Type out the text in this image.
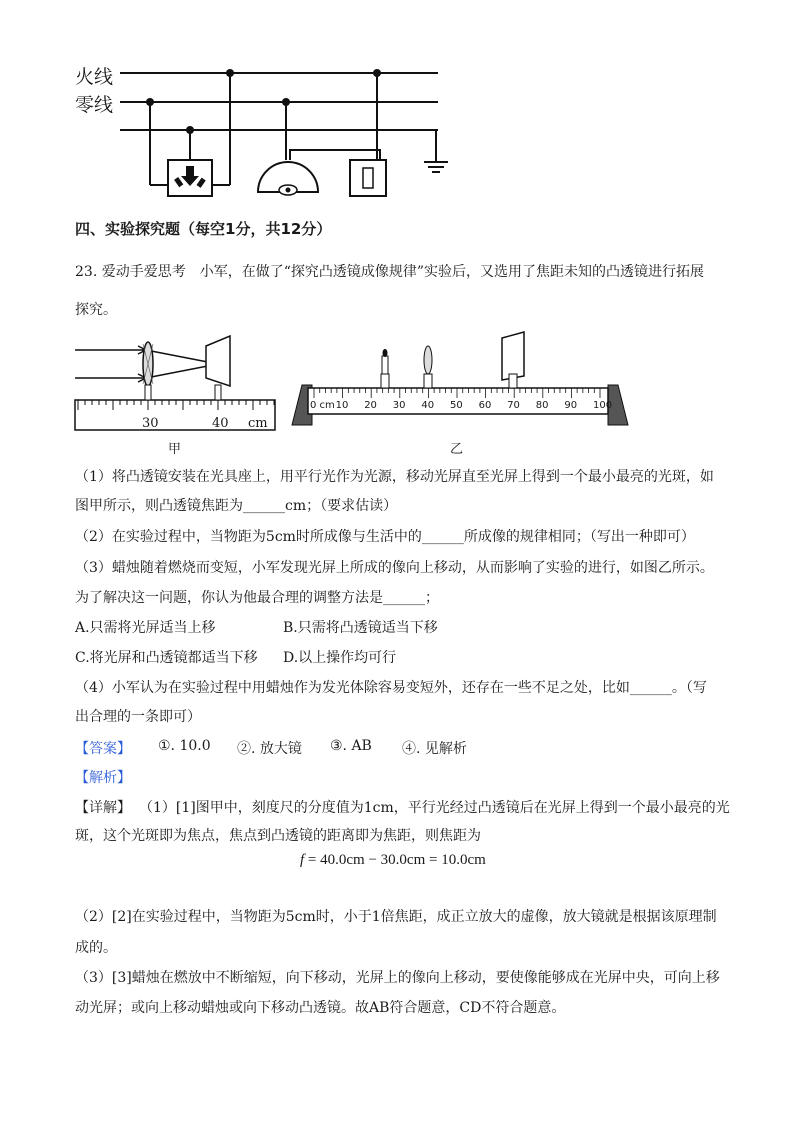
火线
零线
四、实验探究题（每空1分，共12分）
23. 爱动手爱思考　小军，在做了“探究凸透镜成像规律”实验后，又选用了焦距未知的凸透镜进行拓展
探究。
30	40 cm
甲
0 cm 10 20 30 40 50 60 70 80 90 100
乙
（1）将凸透镜安装在光具座上，用平行光作为光源，移动光屏直至光屏上得到一个最小最亮的光斑，如
图甲所示，则凸透镜焦距为______cm；（要求估读）
（2）在实验过程中，当物距为5cm时所成像与生活中的______所成像的规律相同；（写出一种即可）
（3）蜡烛随着燃烧而变短，小军发现光屏上所成的像向上移动，从而影响了实验的进行，如图乙所示。
为了解决这一问题，你认为他最合理的调整方法是______；
A.只需将光屏适当上移	B.只需将凸透镜适当下移
C.将光屏和凸透镜都适当下移	D.以上操作均可行
（4）小军认为在实验过程中用蜡烛作为发光体除容易变短外，还存在一些不足之处，比如______。（写
出合理的一条即可）
【答案】 ①. 10.0 ②. 放大镜 ③. AB ④. 见解析
【解析】
【详解】 （1）[1]图甲中，刻度尺的分度值为1cm，平行光经过凸透镜后在光屏上得到一个最小最亮的光
斑，这个光斑即为焦点，焦点到凸透镜的距离即为焦距，则焦距为
f = 40.0cm − 30.0cm = 10.0cm
（2）[2]在实验过程中，当物距为5cm时，小于1倍焦距，成正立放大的虚像，放大镜就是根据该原理制
成的。
（3）[3]蜡烛在燃放中不断缩短，向下移动，光屏上的像向上移动，要使像能够成在光屏中央，可向上移
动光屏；或向上移动蜡烛或向下移动凸透镜。故AB符合题意，CD不符合题意。
